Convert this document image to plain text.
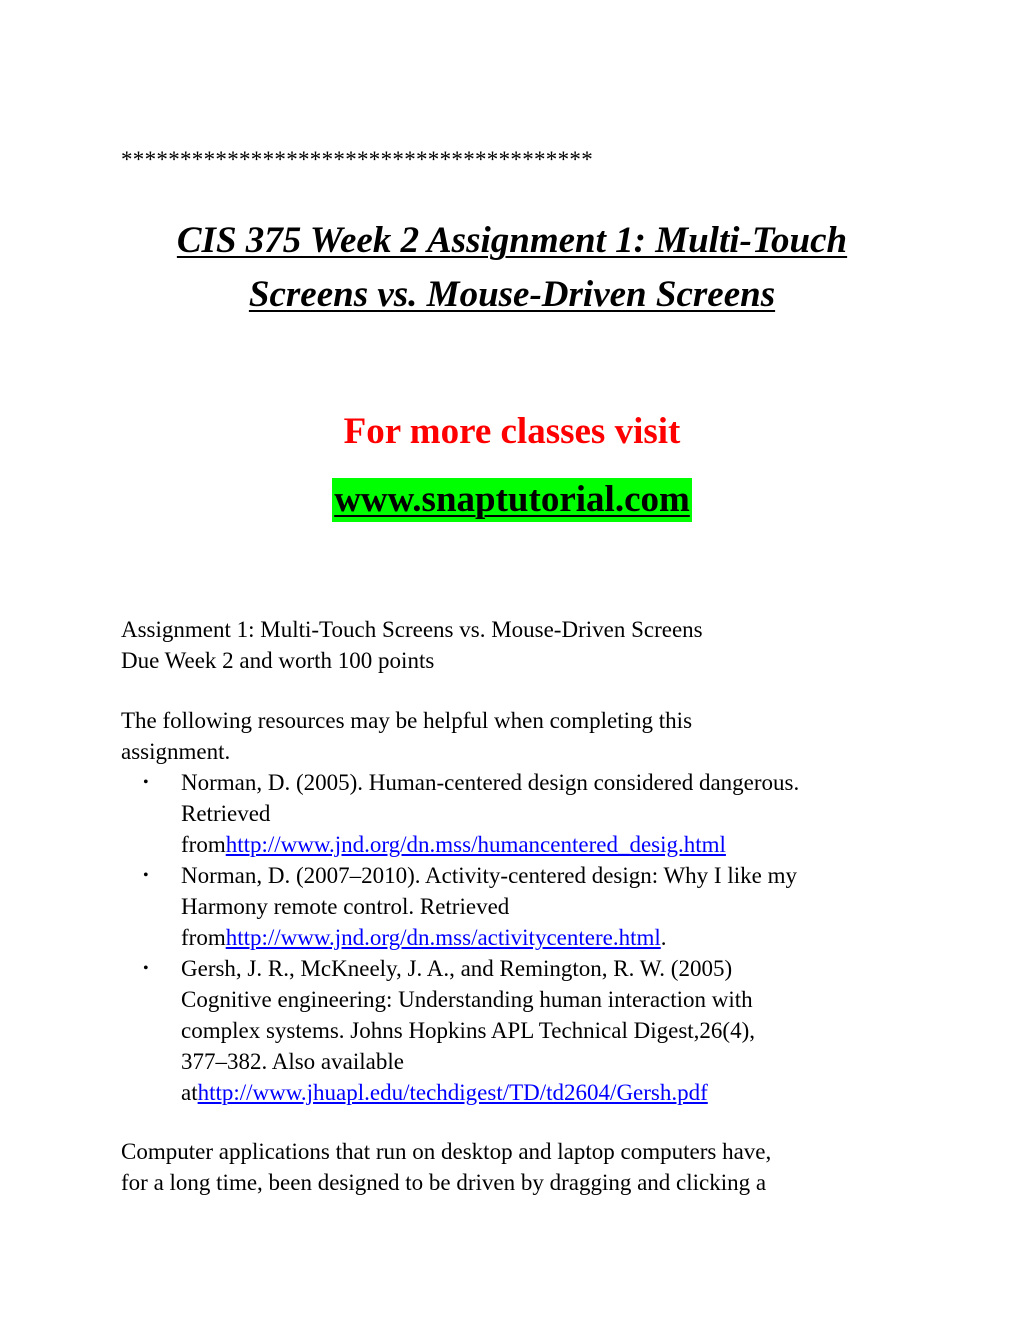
****************************************
CIS 375 Week 2 Assignment 1: Multi-Touch
Screens vs. Mouse-Driven Screens
For more classes visit
www.snaptutorial.com
Assignment 1: Multi-Touch Screens vs. Mouse-Driven Screens
Due Week 2 and worth 100 points
The following resources may be helpful when completing this
assignment.
• Norman, D. (2005). Human-centered design considered dangerous.
Retrieved
fromhttp://www.jnd.org/dn.mss/humancentered_desig.html
• Norman, D. (2007–2010). Activity-centered design: Why I like my
Harmony remote control. Retrieved
fromhttp://www.jnd.org/dn.mss/activitycentere.html.
• Gersh, J. R., McKneely, J. A., and Remington, R. W. (2005)
Cognitive engineering: Understanding human interaction with
complex systems. Johns Hopkins APL Technical Digest,26(4),
377–382. Also available
athttp://www.jhuapl.edu/techdigest/TD/td2604/Gersh.pdf
Computer applications that run on desktop and laptop computers have,
for a long time, been designed to be driven by dragging and clicking a
